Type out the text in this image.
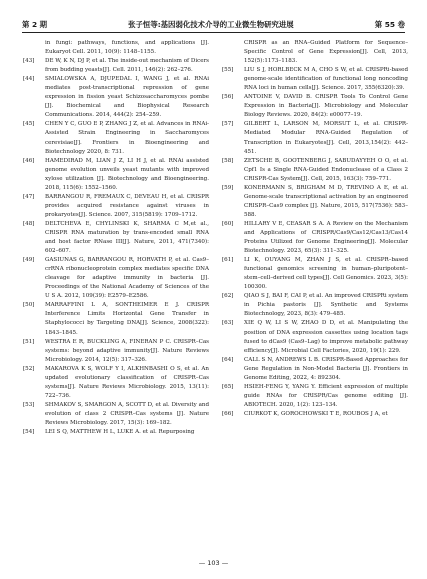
第 2 期	张子恒等:基因弱化技术介导的工业微生物研究进展	第 55 卷
in fungi: pathways, functions, and applications [J]. Eukaryot Cell. 2011, 10(9): 1148–1155.
[43]	DE W, K N, DJ P, et al. The inside-out mechanism of Dicers from budding yeasts[J]. Cell. 2011, 146(2): 262–276.
[44]	SMIALOWSKA A, DJUPEDAL I, WANG J, et al. RNAi mediates post-transcriptional repression of gene expression in fission yeast Schizosaccharomyces pombe [J]. Biochemical and Biophysical Research Communications. 2014, 444(2): 254–259.
[45]	CHEN Y C, GUO E P, ZHANG J Z, et al. Advances in RNAi-Assisted Strain Engineering in Saccharomyces cerevisiae[J]. Frontiers in Bioengineering and Biotechnology 2020, 8: 731.
[46]	HAMEDIRAD M, LIAN J Z, LI H J, et al. RNAi assisted genome evolution unveils yeast mutants with improved xylose utilization [J]. Biotechnology and Bioengineering. 2018, 115(6): 1552–1560.
[47]	BARRANGOU R, FREMAUX C, DEVEAU H, et al. CRISPR provides acquired resistance against viruses in prokaryotes[J]. Science. 2007, 315(5819): 1709–1712.
[48]	DELTCHEVA E, CHYLINSKI K, SHARMA C M,et al., CRISPR RNA maturation by trans-encoded small RNA and host factor RNase III[J]. Nature, 2011, 471(7340): 602–607.
[49]	GASIUNAS G, BARRANGOU R, HORVATH P, et al. Cas9–crRNA ribonucleoprotein complex mediates specific DNA cleavage for adaptive immunity in bacteria [J]. Proceedings of the National Academy of Sciences of the U S A. 2012, 109(39): E2579–E2586.
[50]	MARRAFFINI L A, SONTHEIMER E J. CRISPR Interference Limits Horizontal Gene Transfer in Staphylococci by Targeting DNA[J]. Science, 2008(322): 1843–1845.
[51]	WESTRA E R, BUCKLING A, FINERAN P C. CRISPR–Cas systems: beyond adaptive immunity[J]. Nature Reviews Microbiology. 2014, 12(5): 317–326.
[52]	MAKAROVA K S, WOLF Y I, ALKHNBASHI O S, et al. An updated evolutionary classification of CRISPR–Cas systems[J]. Nature Reviews Microbiology. 2015, 13(11): 722–736.
[53]	SHMAKOV S, SMARGON A, SCOTT D, et al. Diversity and evolution of class 2 CRISPR–Cas systems [J]. Nature Reviews Microbiology. 2017, 15(3): 169–182.
[54]	LEI S Q, MATTHEW H L, LUKE A. et al. Repurposing
CRISPR as an RNA–Guided Platform for Sequence–Specific Control of Gene Expression[J]. Cell, 2013, 152(5):1173–1183.
[55]	LIU S J, HORLBECK M A, CHO S W, et al. CRISPRi-based genome-scale identification of functional long noncoding RNA loci in human cells[J]. Science. 2017, 355(6320):39.
[56]	ANTOINE V, DAVID B. CRISPR Tools To Control Gene Expression in Bacteria[J]. Microbiology and Molecular Biology Reviews. 2020, 84(2): e00077–19.
[57]	GILBERT L, LARSON M, MORSUT L, et al. CRISPR-Mediated Modular RNA-Guided Regulation of Transcription in Eukaryotes[J]. Cell, 2013,154(2): 442–451.
[58]	ZETSCHE B, GOOTENBERG J, SABUDAYYEH O O, et al. Cpf1 Is a Single RNA-Guided Endonuclease of a Class 2 CRISPR-Cas System[J]. Cell, 2015, 163(3): 759–771.
[59]	KONERMANN S, BRIGHAM M D, TREVINO A E, et al. Genome-scale transcriptional activation by an engineered CRISPR–Cas9 complex [J]. Nature, 2015, 517(7536): 583–588.
[60]	HILLARY V E, CEASAR S A. A Review on the Mechanism and Applications of CRISPR/Cas9/Cas12/Cas13/Cas14 Proteins Utilized for Genome Engineering[J]. Molecular Biotechnology. 2023, 65(3): 311–325.
[61]	LI K, OUYANG M, ZHAN J S, et al. CRISPR–based functional genomics screening in human–pluripotent–stem–cell–derived cell types[J]. Cell Genomics. 2023, 3(5): 100300.
[62]	QIAO S J, BAI F, CAI P, et al. An improved CRISPRi system in Pichia pastoris [J]. Synthetic and Systems Biotechnology, 2023, 8(3): 479–485.
[63]	XIE Q W, LI S W, ZHAO D D, et al. Manipulating the position of DNA expression cassettes using location tags fused to dCas9 (Cas9–Lag) to improve metabolic pathway efficiency[J]. Microbial Cell Factories, 2020, 19(1): 229.
[64]	CALL S N, ANDREWS L B. CRISPR-Based Approaches for Gene Regulation in Non-Model Bacteria [J]. Frontiers in Genome Editing, 2022, 4: 892304.
[65]	HSIEH-FENG Y, YANG Y. Efficient expression of multiple guide RNAs for CRISPR/Cas genome editing [J]. ABIOTECH. 2020, 1(2): 123–134.
[66]	CIURKOT K, GOROCHOWSKI T E, ROUBOS J A, et
— 103 —
